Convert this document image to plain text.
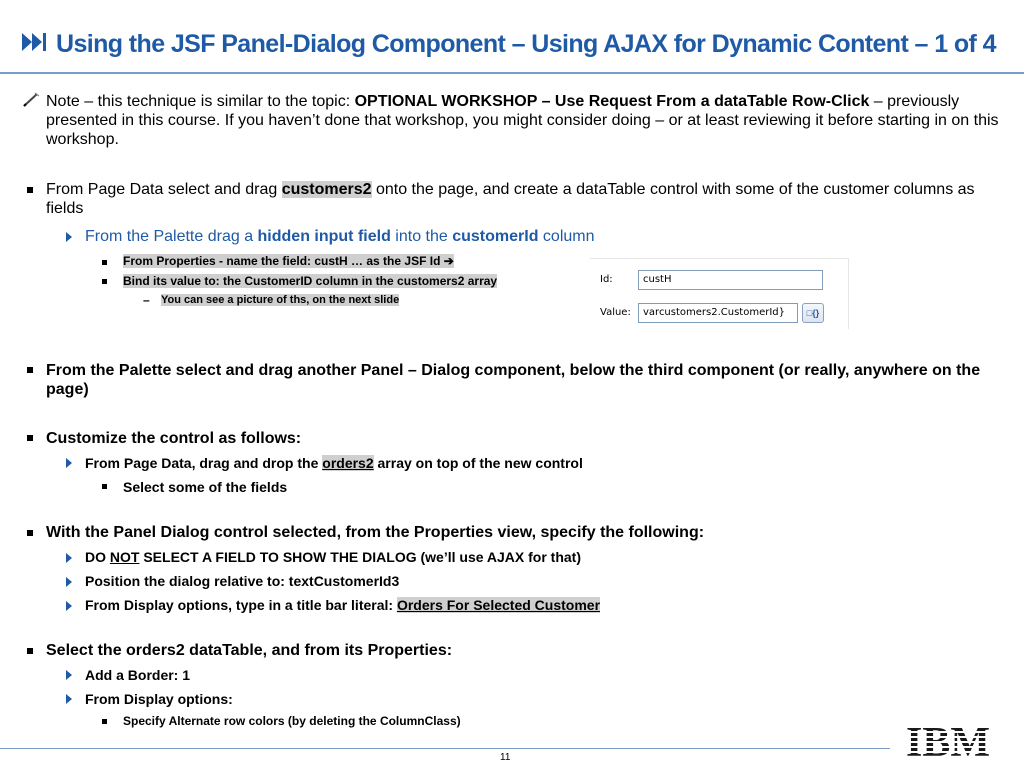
Using the JSF Panel-Dialog Component – Using AJAX for Dynamic Content – 1 of 4
Note – this technique is similar to the topic: OPTIONAL WORKSHOP – Use Request From a dataTable Row-Click – previously presented in this course. If you haven’t done that workshop, you might consider doing – or at least reviewing it before starting in on this workshop.
From Page Data select and drag customers2 onto the page, and create a dataTable control with some of the customer columns as fields
From the Palette drag a hidden input field into the customerId column
From Properties - name the field: custH … as the JSF Id ➔
Bind its value to: the CustomerID column in the customers2 array
– You can see a picture of ths, on the next slide
Id:	custH
Value:	varcustomers2.CustomerId}	□{}
From the Palette select and drag another Panel – Dialog component, below the third component (or really, anywhere on the page)
Customize the control as follows:
From Page Data, drag and drop the orders2 array on top of the new control
Select some of the fields
With the Panel Dialog control selected, from the Properties view, specify the following:
DO NOT SELECT A FIELD TO SHOW THE DIALOG (we’ll use AJAX for that)
Position the dialog relative to: textCustomerId3
From Display options, type in a title bar literal: Orders For Selected Customer
Select the orders2 dataTable, and from its Properties:
Add a Border: 1
From Display options:
Specify Alternate row colors (by deleting the ColumnClass)
11
